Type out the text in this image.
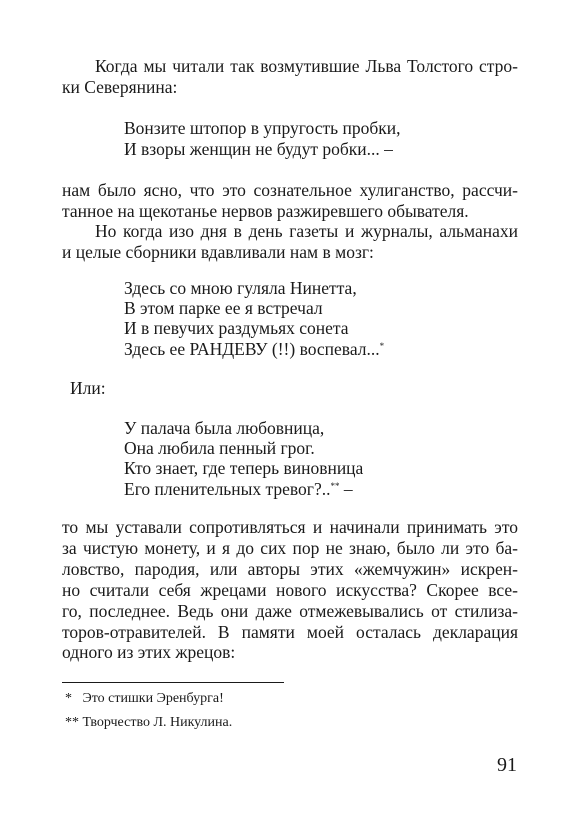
Когда мы читали так возмутившие Льва Толстого стро-
ки Северянина:
Вонзите штопор в упругость пробки,
И взоры женщин не будут робки... –
нам было ясно, что это сознательное хулиганство, рассчи-
танное на щекотанье нервов разжиревшего обывателя.
Но когда изо дня в день газеты и журналы, альманахи
и целые сборники вдавливали нам в мозг:
Здесь со мною гуляла Нинетта,
В этом парке ее я встречал
И в певучих раздумьях сонета
Здесь ее РАНДЕВУ (!!) воспевал...*
Или:
У палача была любовница,
Она любила пенный грог.
Кто знает, где теперь виновница
Его пленительных тревог?..** –
то мы уставали сопротивляться и начинали принимать это
за чистую монету, и я до сих пор не знаю, было ли это ба-
ловство, пародия, или авторы этих «жемчужин» искрен-
но считали себя жрецами нового искусства? Скорее все-
го, последнее. Ведь они даже отмежевывались от стилиза-
торов-отравителей. В памяти моей осталась декларация
одного из этих жрецов:
*   Это стишки Эренбурга!
** Творчество Л. Никулина.
91
